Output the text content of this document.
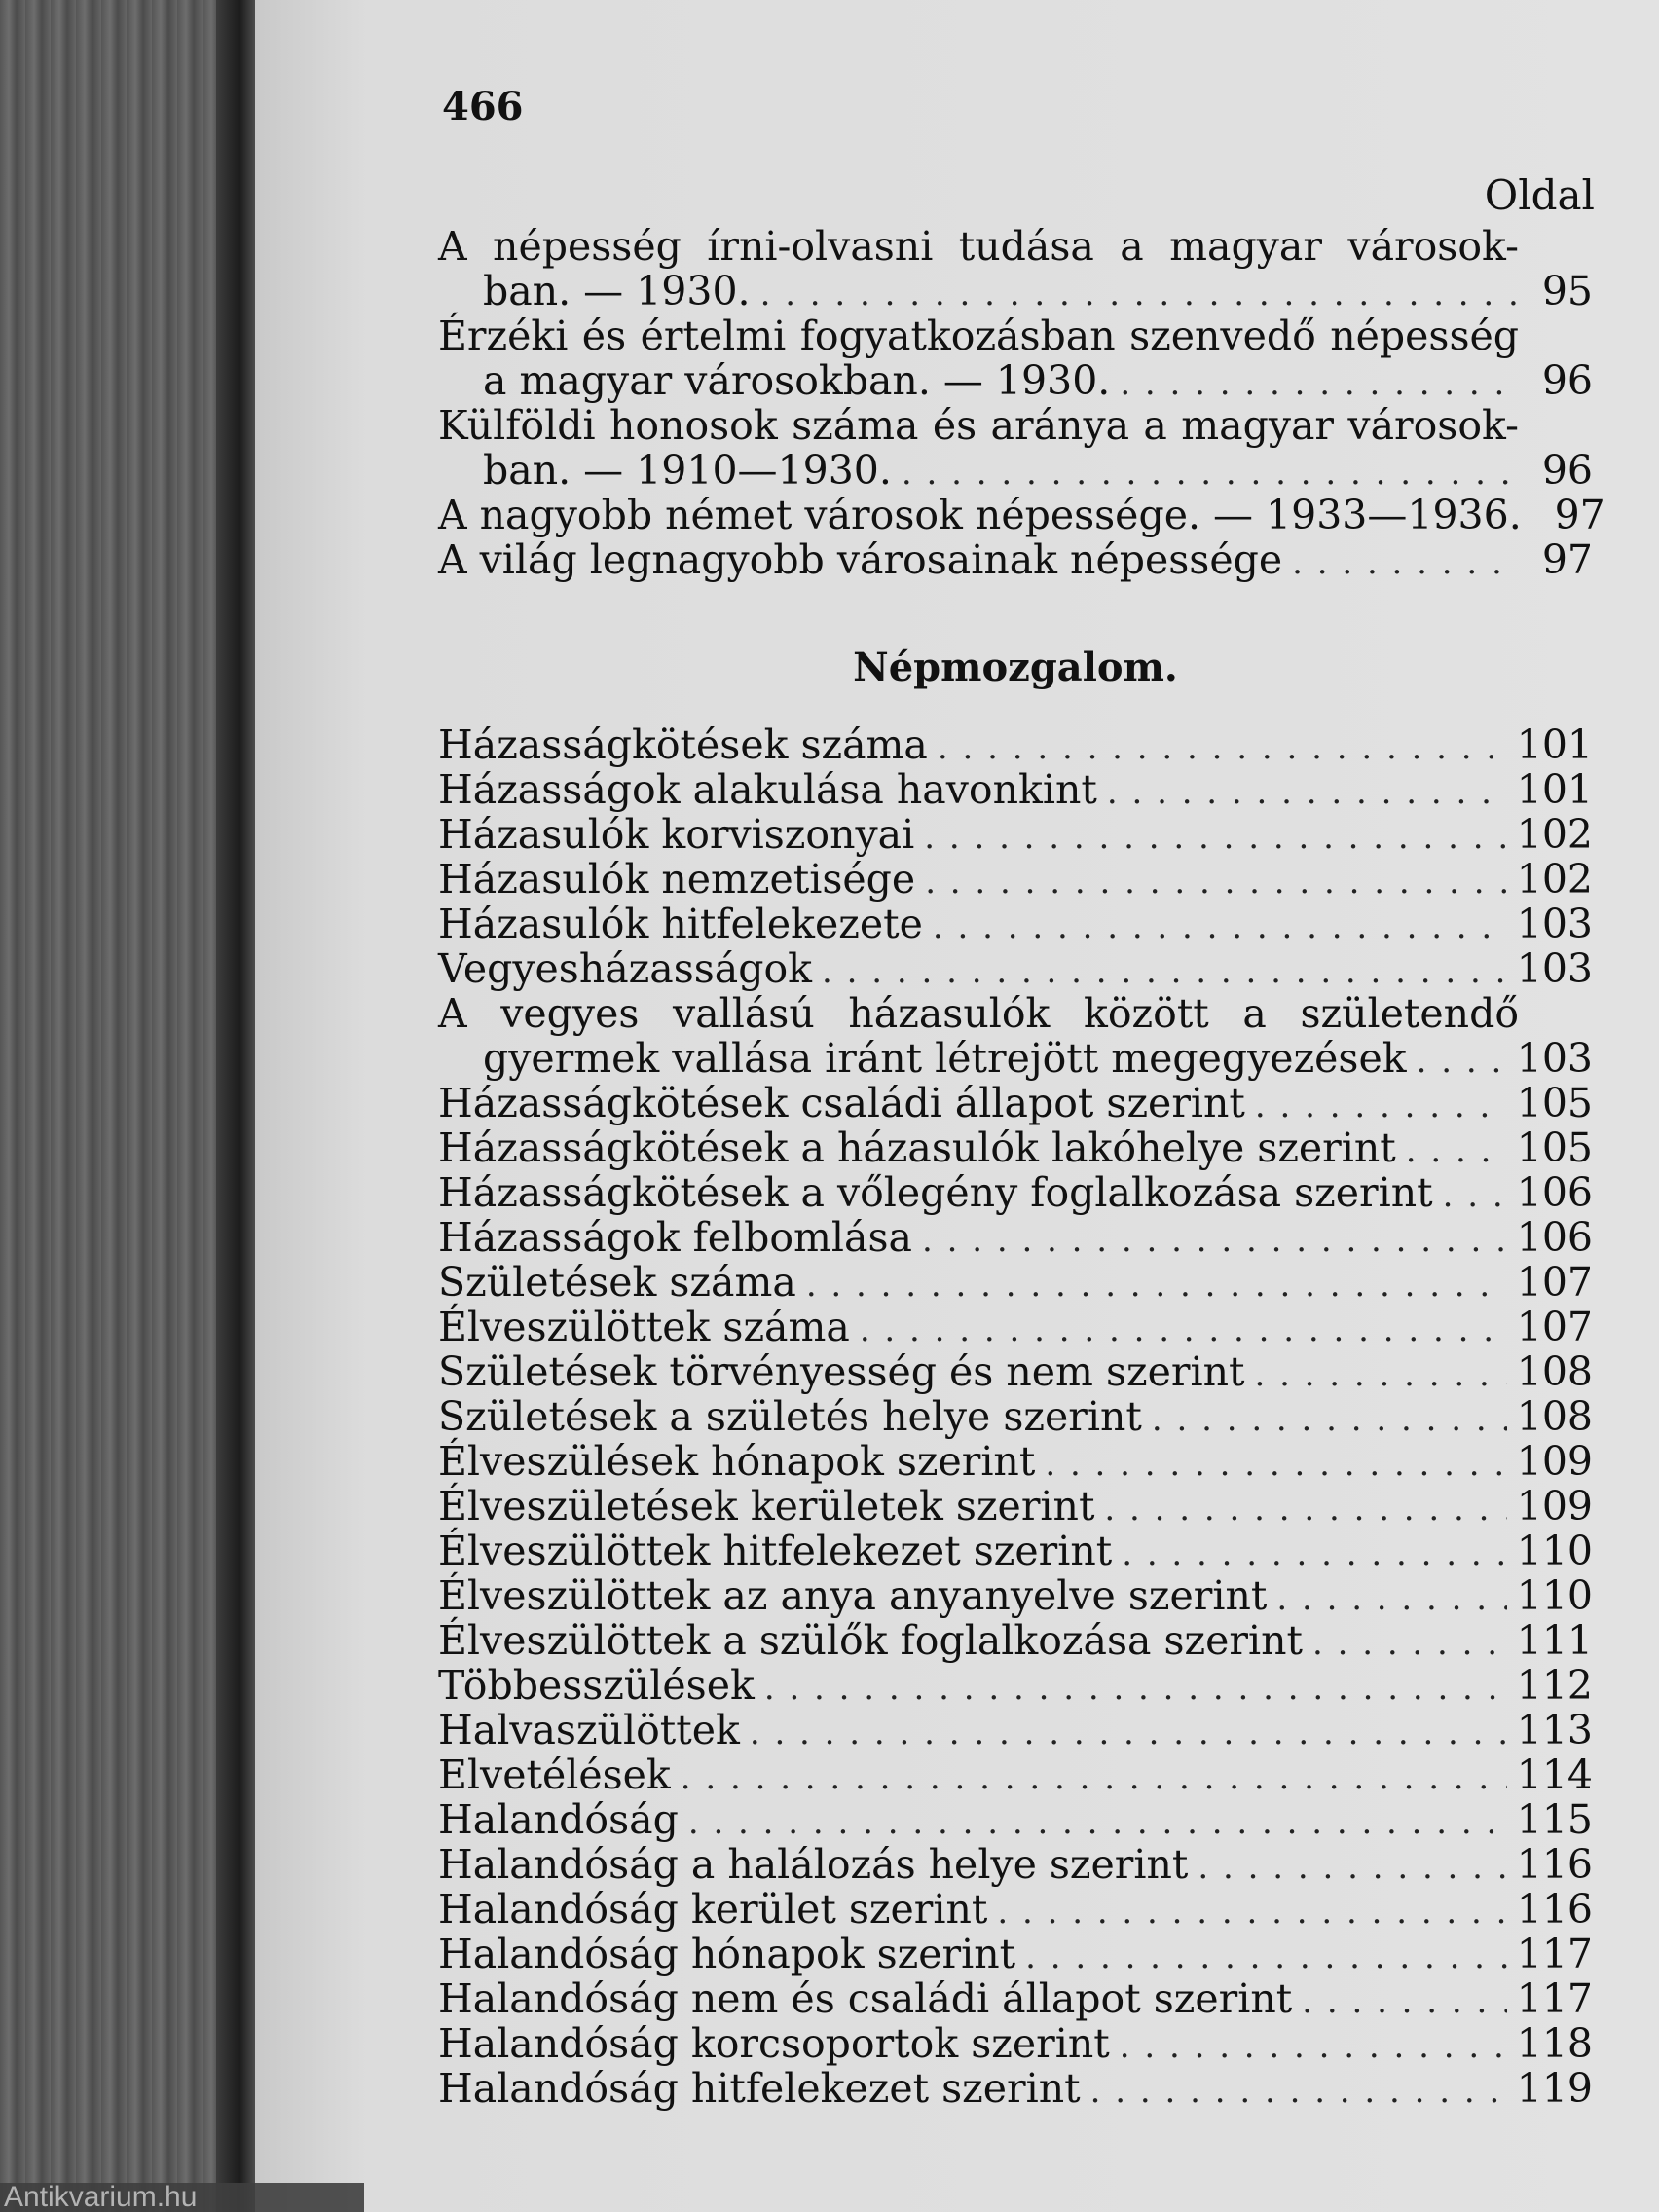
466
Oldal
A népesség írni-olvasni tudása a magyar városok-
ban. — 1930. . . .	95
Érzéki és értelmi fogyatkozásban szenvedő népesség
a magyar városokban. — 1930. . . .	96
Külföldi honosok száma és aránya a magyar városok-
ban. — 1910—1930. . . .	96
A nagyobb német városok népessége. — 1933—1936. 97
A világ legnagyobb városainak népessége . . .	97
Népmozgalom.
Házasságkötések száma . . .	101
Házasságok alakulása havonkint . . .	101
Házasulók korviszonyai . . .	102
Házasulók nemzetisége . . .	102
Házasulók hitfelekezete . . .	103
Vegyesházasságok . . .	103
A vegyes vallású házasulók között a születendő
gyermek vallása iránt létrejött megegyezések . . .	103
Házasságkötések családi állapot szerint . . .	105
Házasságkötések a házasulók lakóhelye szerint . . .	105
Házasságkötések a vőlegény foglalkozása szerint . . . 106
Házasságok felbomlása . . .	106
Születések száma . . .	107
Élveszülöttek száma . . .	107
Születések törvényesség és nem szerint . . .	108
Születések a születés helye szerint . . .	108
Élveszülések hónapok szerint . . .	109
Élveszületések kerületek szerint . . .	109
Élveszülöttek hitfelekezet szerint . . .	110
Élveszülöttek az anya anyanyelve szerint . . .	110
Élveszülöttek a szülők foglalkozása szerint . . .	111
Többesszülések . . .	112
Halvaszülöttek . . .	113
Elvetélések . . .	114
Halandóság . . .	115
Halandóság a halálozás helye szerint . . .	116
Halandóság kerület szerint . . .	116
Halandóság hónapok szerint . . .	117
Halandóság nem és családi állapot szerint . . .	117
Halandóság korcsoportok szerint . . .	118
Halandóság hitfelekezet szerint . . .	119
Antikvarium.hu
